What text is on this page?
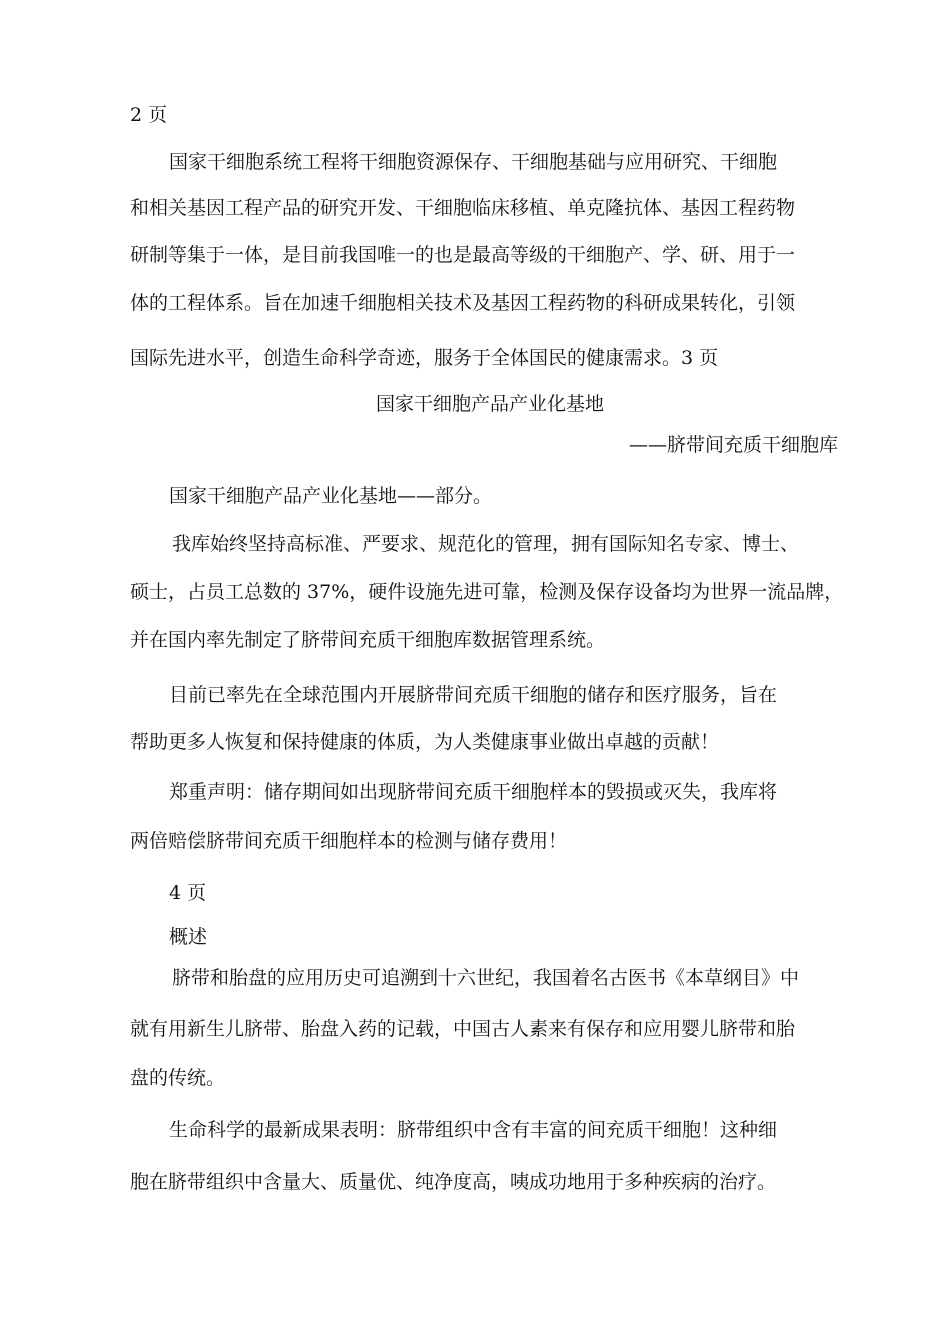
2 页

国家干细胞系统工程将干细胞资源保存、干细胞基础与应用研究、干细胞

和相关基因工程产品的研究开发、干细胞临床移植、单克隆抗体、基因工程药物

研制等集于一体，是目前我国唯一的也是最高等级的干细胞产、学、研、用于一

体的工程体系。旨在加速千细胞相关技术及基因工程药物的科研成果转化，引领

国际先进水平，创造生命科学奇迹，服务于全体国民的健康需求。3 页

国家干细胞产品产业化基地

——脐带间充质干细胞库

国家干细胞产品产业化基地——部分。

我库始终坚持高标准、严要求、规范化的管理，拥有国际知名专家、博士、

硕士，占员工总数的 37%，硬件设施先进可靠，检测及保存设备均为世界一流品牌，

并在国内率先制定了脐带间充质干细胞库数据管理系统。

目前已率先在全球范围内开展脐带间充质干细胞的储存和医疗服务，旨在

帮助更多人恢复和保持健康的体质，为人类健康事业做出卓越的贡献！

郑重声明：储存期间如出现脐带间充质干细胞样本的毁损或灭失，我库将

两倍赔偿脐带间充质干细胞样本的检测与储存费用！

4 页

概述

脐带和胎盘的应用历史可追溯到十六世纪，我国着名古医书《本草纲目》中

就有用新生儿脐带、胎盘入药的记载，中国古人素来有保存和应用婴儿脐带和胎

盘的传统。

生命科学的最新成果表明：脐带组织中含有丰富的间充质干细胞！这种细

胞在脐带组织中含量大、质量优、纯净度高，咦成功地用于多种疾病的治疗。
